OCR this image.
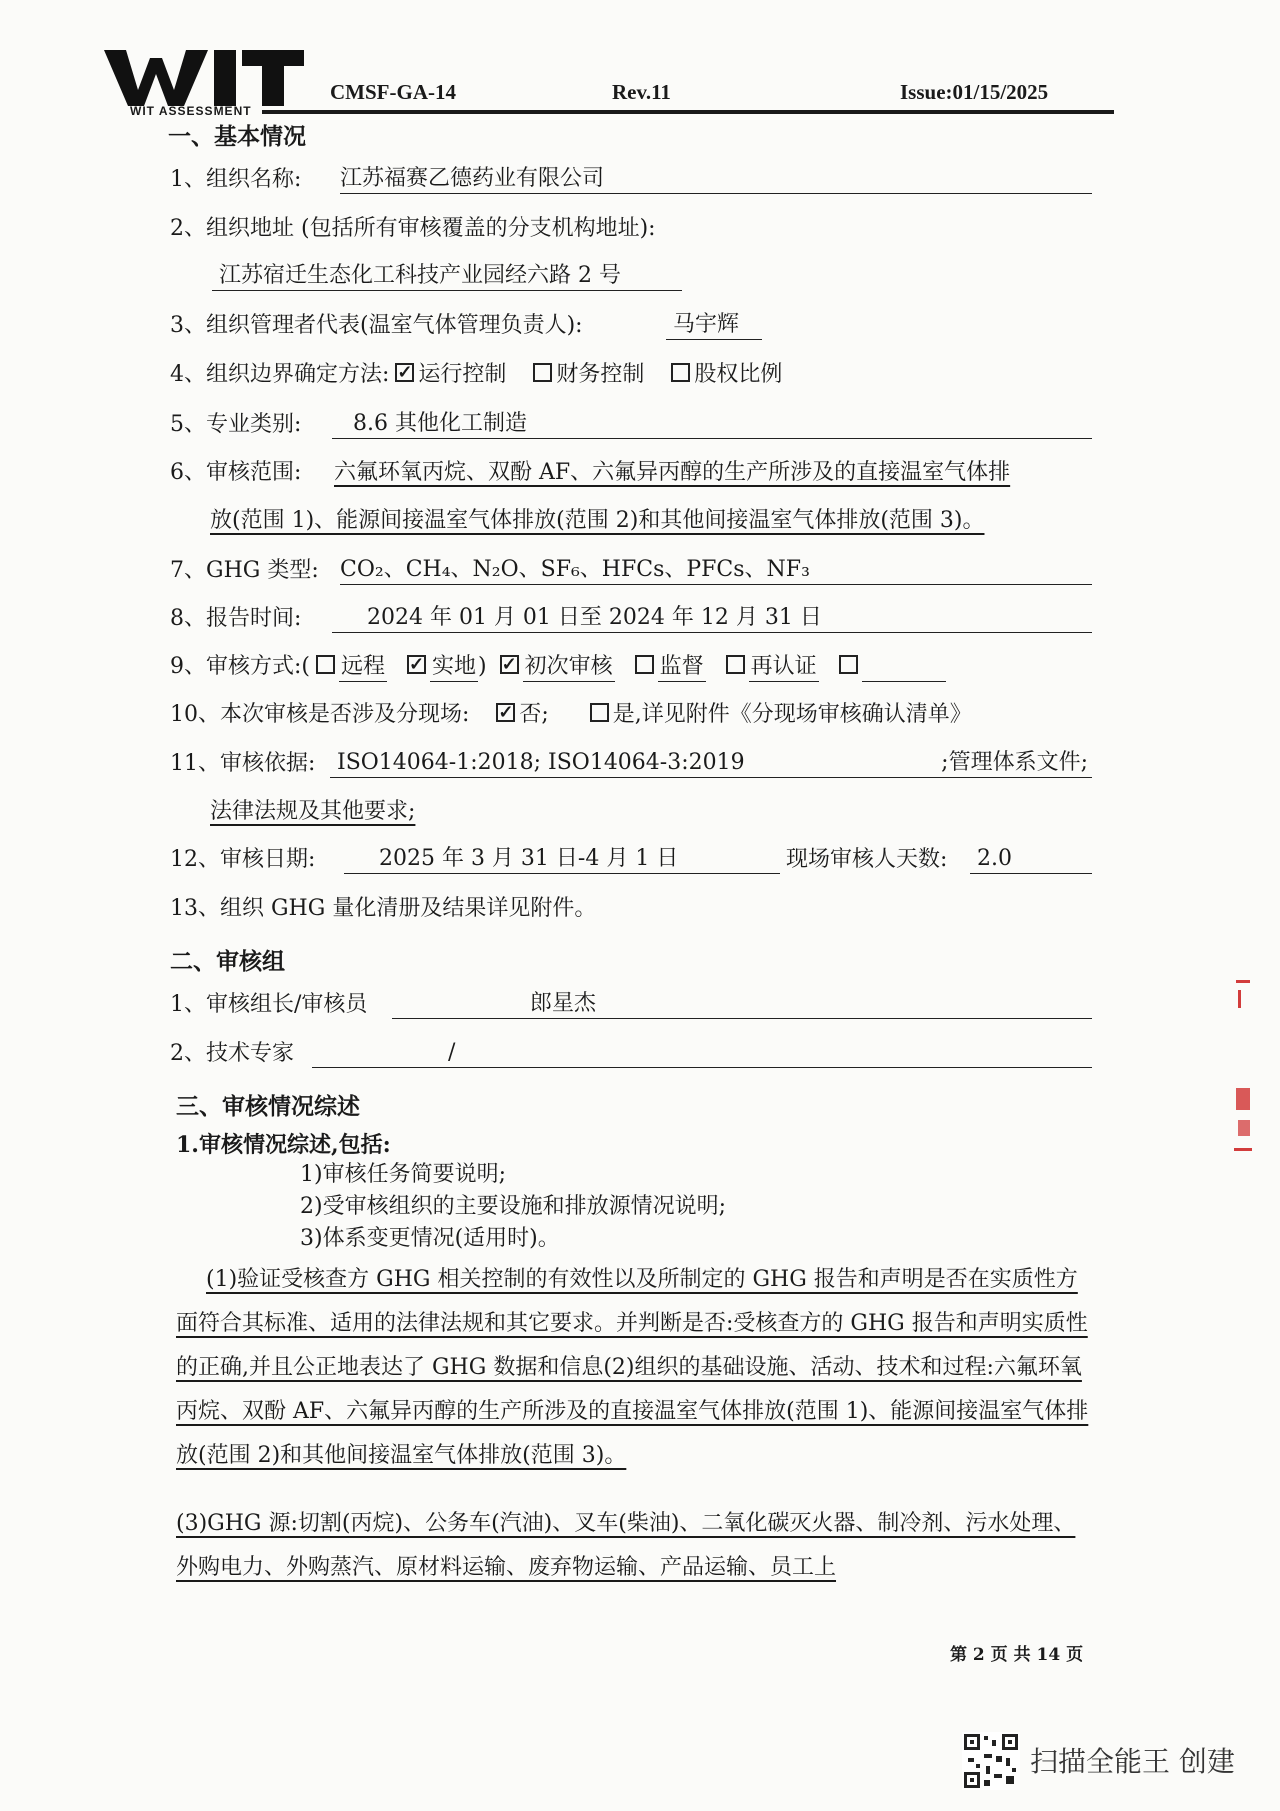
WIT ASSESSMENT
CMSF-GA-14	Rev.11	Issue:01/15/2025
一、基本情况
1、组织名称: 江苏福赛乙德药业有限公司
2、组织地址 (包括所有审核覆盖的分支机构地址):
江苏宿迁生态化工科技产业园经六路 2 号
3、组织管理者代表(温室气体管理负责人):	马宇辉
4、组织边界确定方法: ✓ 运行控制 财务控制 股权比例
5、专业类别:	8.6 其他化工制造
6、审核范围: 六氟环氧丙烷、双酚 AF、六氟异丙醇的生产所涉及的直接温室气体排
放(范围 1)、能源间接温室气体排放(范围 2)和其他间接温室气体排放(范围 3)。
7、GHG 类型: CO₂、CH₄、N₂O、SF₆、HFCs、PFCs、NF₃
8、报告时间:	2024 年 01 月 01 日至 2024 年 12 月 31 日
9、审核方式:( 远程 ✓ 实地) ✓ 初次审核 监督 再认证
10、本次审核是否涉及分现场: ✓ 否;	是,详见附件《分现场审核确认清单》
11、审核依据: ISO14064-1:2018; ISO14064-3:2019	;管理体系文件;
法律法规及其他要求;
12、审核日期:	2025 年 3 月 31 日-4 月 1 日	现场审核人天数:	2.0
13、组织 GHG 量化清册及结果详见附件。
二、审核组
1、审核组长/审核员	郎星杰
2、技术专家	/
三、审核情况综述
1.审核情况综述,包括:
1)审核任务简要说明;
2)受审核组织的主要设施和排放源情况说明;
3)体系变更情况(适用时)。
(1)验证受核查方 GHG 相关控制的有效性以及所制定的 GHG 报告和声明是否在实质性方面符合其标准、适用的法律法规和其它要求。并判断是否:受核查方的 GHG 报告和声明实质性的正确,并且公正地表达了 GHG 数据和信息(2)组织的基础设施、活动、技术和过程:六氟环氧丙烷、双酚 AF、六氟异丙醇的生产所涉及的直接温室气体排放(范围 1)、能源间接温室气体排放(范围 2)和其他间接温室气体排放(范围 3)。
(3)GHG 源:切割(丙烷)、公务车(汽油)、叉车(柴油)、二氧化碳灭火器、制冷剂、污水处理、外购电力、外购蒸汽、原材料运输、废弃物运输、产品运输、员工上
第 2 页 共 14 页
扫描全能王 创建
